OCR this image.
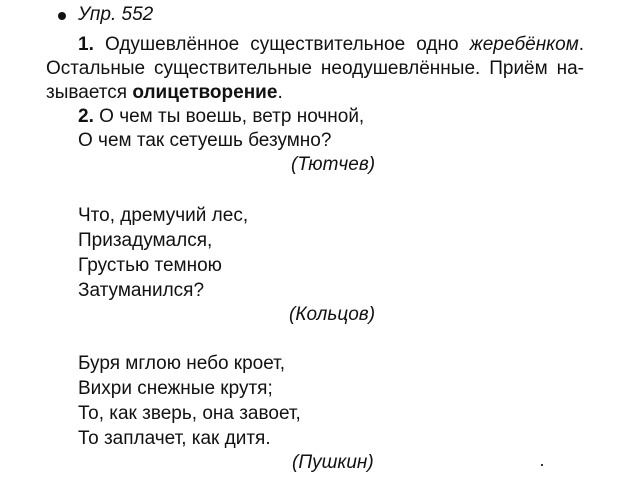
Упр. 552
1. Одушевлённое существительное одно жеребёнком.
Остальные существительные неодушевлённые. Приём на-
зывается олицетворение.
2. О чем ты воешь, ветр ночной,
О чем так сетуешь безумно?
(Тютчев)
Что, дремучий лес,
Призадумался,
Грустью темною
Затуманился?
(Кольцов)
Буря мглою небо кроет,
Вихри снежные крутя;
То, как зверь, она завоет,
То заплачет, как дитя.
(Пушкин)
